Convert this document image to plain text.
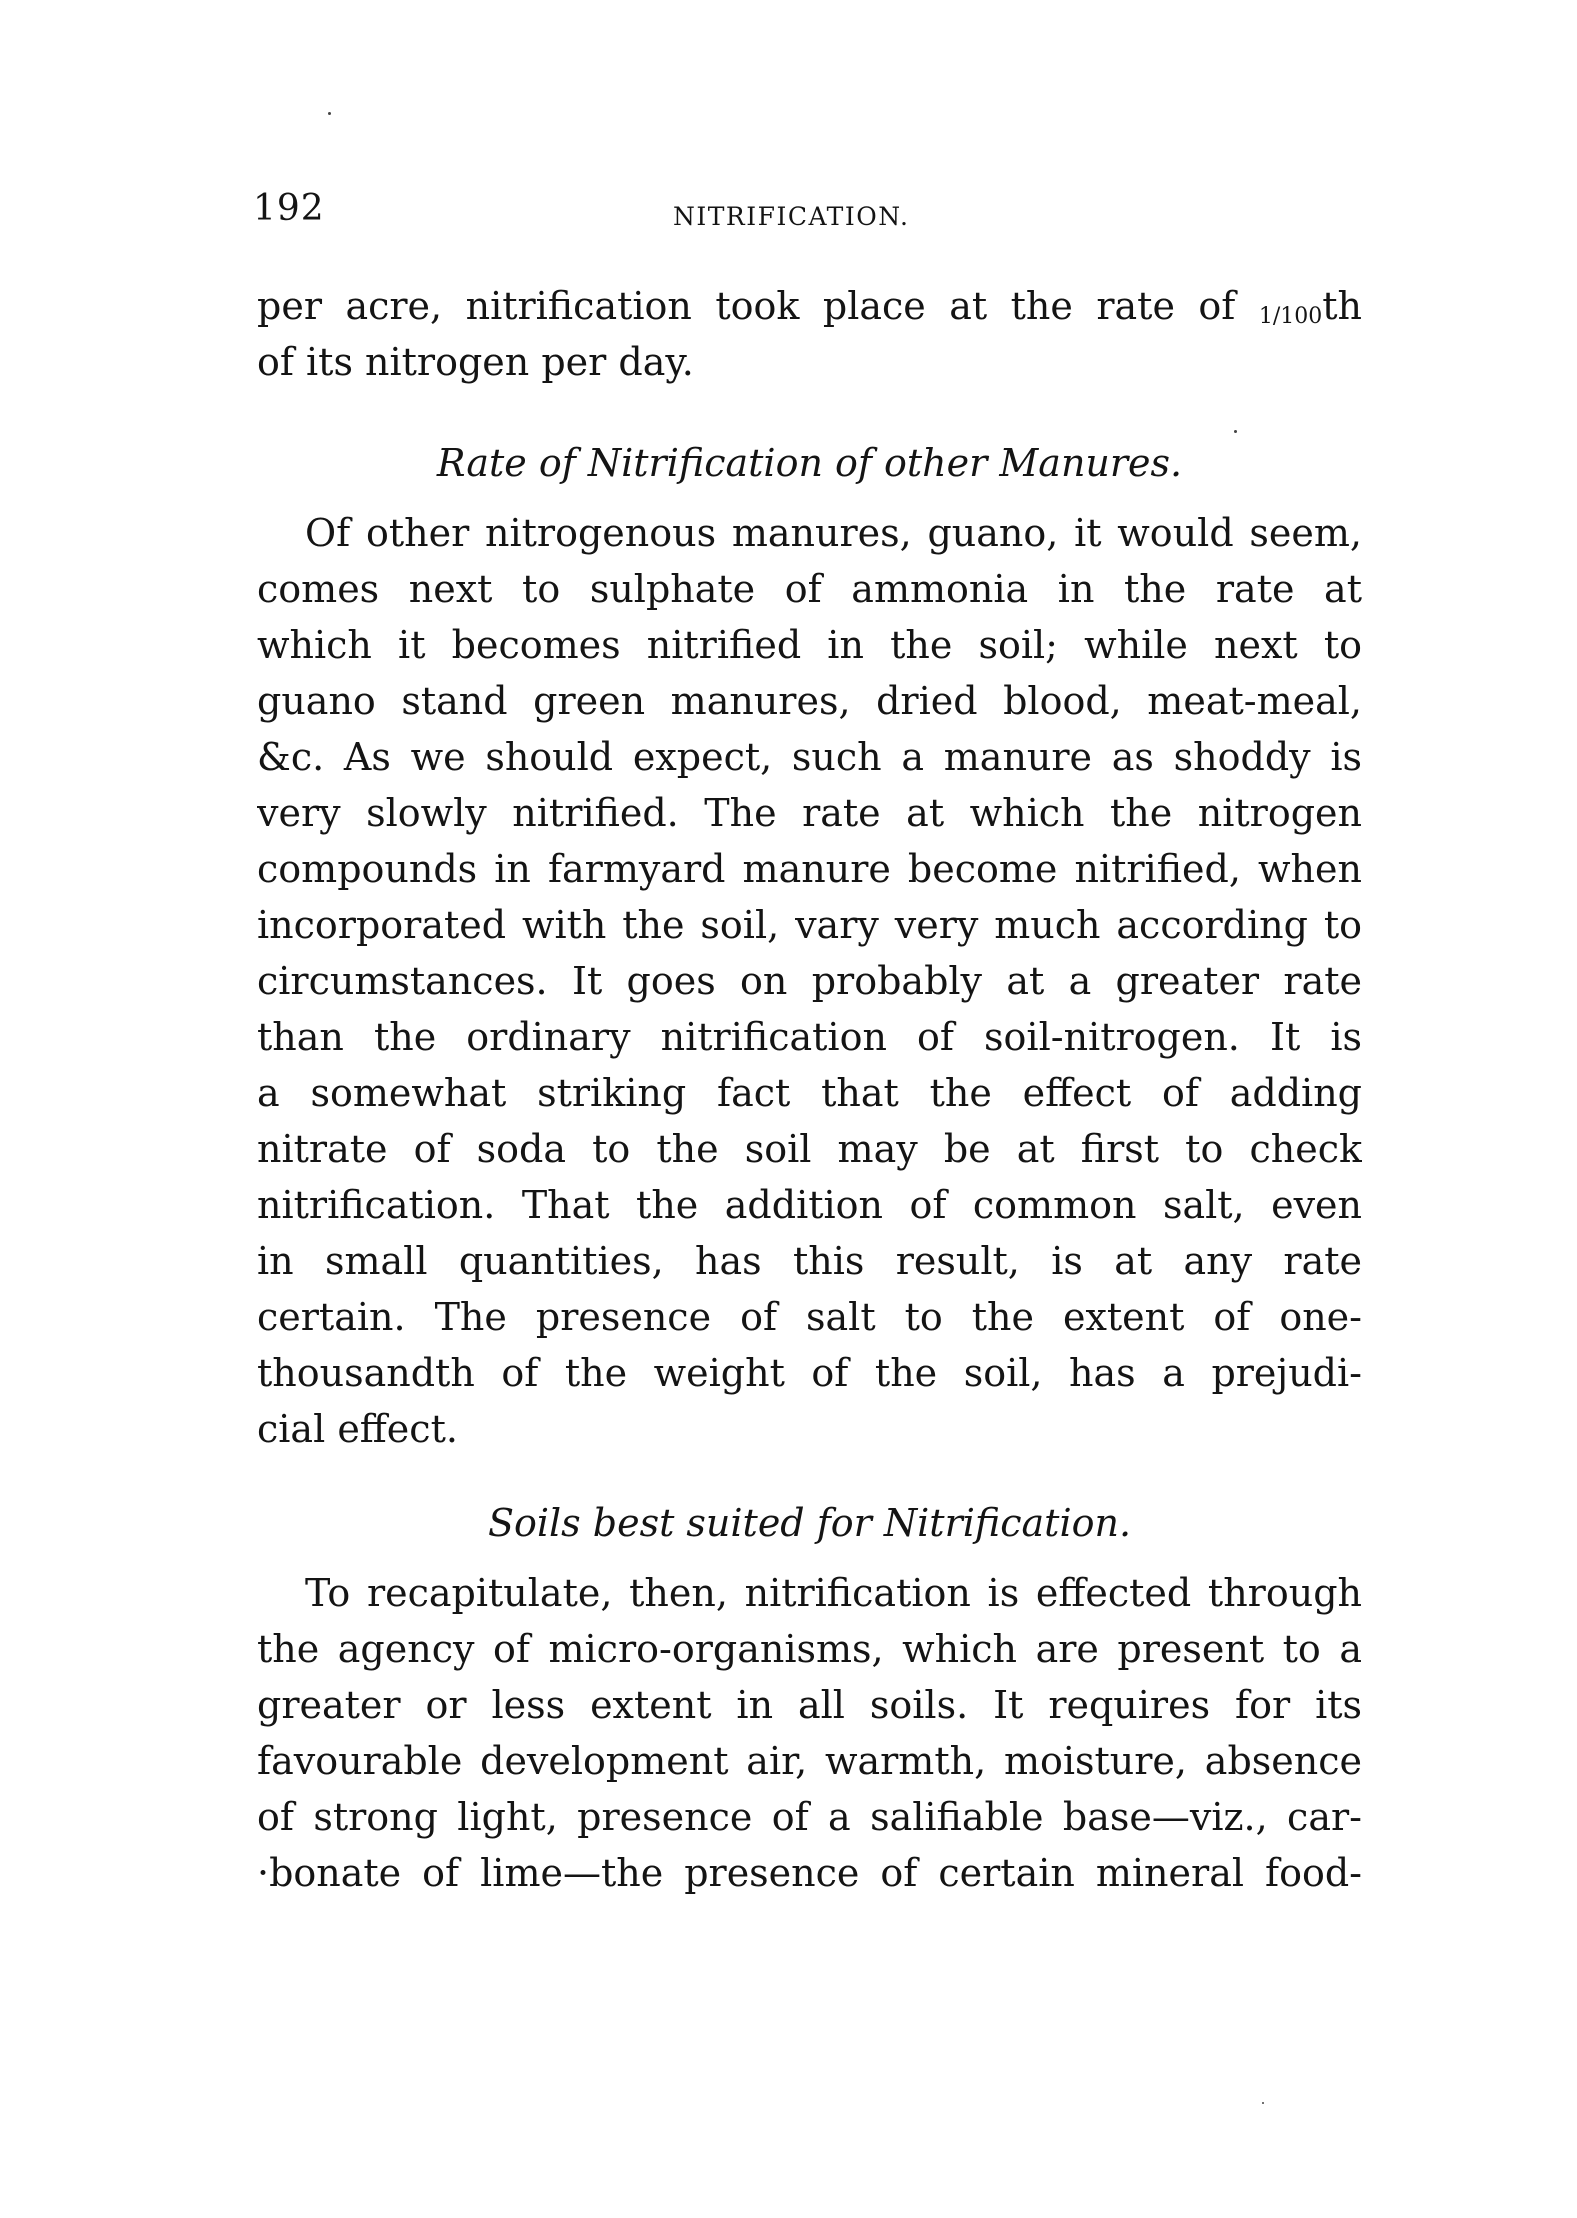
192	NITRIFICATION.
per acre, nitrification took place at the rate of 1/100th
of its nitrogen per day.
Rate of Nitrification of other Manures.
Of other nitrogenous manures, guano, it would seem,
comes next to sulphate of ammonia in the rate at
which it becomes nitrified in the soil; while next to
guano stand green manures, dried blood, meat-meal,
&c. As we should expect, such a manure as shoddy is
very slowly nitrified. The rate at which the nitrogen
compounds in farmyard manure become nitrified, when
incorporated with the soil, vary very much according to
circumstances. It goes on probably at a greater rate
than the ordinary nitrification of soil-nitrogen. It is
a somewhat striking fact that the effect of adding
nitrate of soda to the soil may be at first to check
nitrification. That the addition of common salt, even
in small quantities, has this result, is at any rate
certain. The presence of salt to the extent of one-
thousandth of the weight of the soil, has a prejudi-
cial effect.
Soils best suited for Nitrification.
To recapitulate, then, nitrification is effected through
the agency of micro-organisms, which are present to a
greater or less extent in all soils. It requires for its
favourable development air, warmth, moisture, absence
of strong light, presence of a salifiable base—viz., car-
·bonate of lime—the presence of certain mineral food-
